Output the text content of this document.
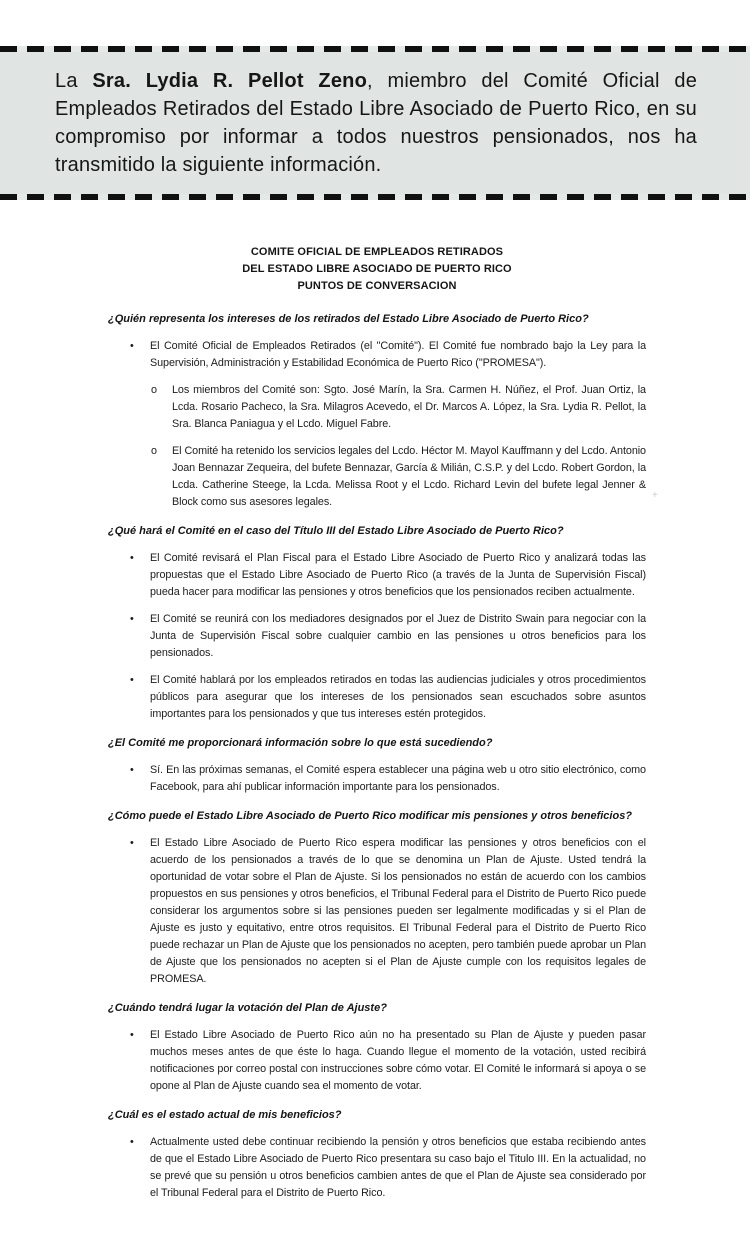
La Sra. Lydia R. Pellot Zeno, miembro del Comité Oficial de Empleados Retirados del Estado Libre Asociado de Puerto Rico, en su compromiso por informar a todos nuestros pensionados, nos ha transmitido la siguiente información.

COMITE OFICIAL DE EMPLEADOS RETIRADOS
DEL ESTADO LIBRE ASOCIADO DE PUERTO RICO
PUNTOS DE CONVERSACION

¿Quién representa los intereses de los retirados del Estado Libre Asociado de Puerto Rico?

• El Comité Oficial de Empleados Retirados (el "Comité"). El Comité fue nombrado bajo la Ley para la Supervisión, Administración y Estabilidad Económica de Puerto Rico ("PROMESA").
o Los miembros del Comité son: Sgto. José Marín, la Sra. Carmen H. Núñez, el Prof. Juan Ortiz, la Lcda. Rosario Pacheco, la Sra. Milagros Acevedo, el Dr. Marcos A. López, la Sra. Lydia R. Pellot, la Sra. Blanca Paniagua y el Lcdo. Miguel Fabre.
o El Comité ha retenido los servicios legales del Lcdo. Héctor M. Mayol Kauffmann y del Lcdo. Antonio Joan Bennazar Zequeira, del bufete Bennazar, García & Milián, C.S.P. y del Lcdo. Robert Gordon, la Lcda. Catherine Steege, la Lcda. Melissa Root y el Lcdo. Richard Levin del bufete legal Jenner & Block como sus asesores legales.

¿Qué hará el Comité en el caso del Título III del Estado Libre Asociado de Puerto Rico?

• El Comité revisará el Plan Fiscal para el Estado Libre Asociado de Puerto Rico y analizará todas las propuestas que el Estado Libre Asociado de Puerto Rico (a través de la Junta de Supervisión Fiscal) pueda hacer para modificar las pensiones y otros beneficios que los pensionados reciben actualmente.
• El Comité se reunirá con los mediadores designados por el Juez de Distrito Swain para negociar con la Junta de Supervisión Fiscal sobre cualquier cambio en las pensiones u otros beneficios para los pensionados.
• El Comité hablará por los empleados retirados en todas las audiencias judiciales y otros procedimientos públicos para asegurar que los intereses de los pensionados sean escuchados sobre asuntos importantes para los pensionados y que tus intereses estén protegidos.

¿El Comité me proporcionará información sobre lo que está sucediendo?

• Sí. En las próximas semanas, el Comité espera establecer una página web u otro sitio electrónico, como Facebook, para ahí publicar información importante para los pensionados.

¿Cómo puede el Estado Libre Asociado de Puerto Rico modificar mis pensiones y otros beneficios?

• El Estado Libre Asociado de Puerto Rico espera modificar las pensiones y otros beneficios con el acuerdo de los pensionados a través de lo que se denomina un Plan de Ajuste. Usted tendrá la oportunidad de votar sobre el Plan de Ajuste. Si los pensionados no están de acuerdo con los cambios propuestos en sus pensiones y otros beneficios, el Tribunal Federal para el Distrito de Puerto Rico puede considerar los argumentos sobre si las pensiones pueden ser legalmente modificadas y si el Plan de Ajuste es justo y equitativo, entre otros requisitos. El Tribunal Federal para el Distrito de Puerto Rico puede rechazar un Plan de Ajuste que los pensionados no acepten, pero también puede aprobar un Plan de Ajuste que los pensionados no acepten si el Plan de Ajuste cumple con los requisitos legales de PROMESA.

¿Cuándo tendrá lugar la votación del Plan de Ajuste?

• El Estado Libre Asociado de Puerto Rico aún no ha presentado su Plan de Ajuste y pueden pasar muchos meses antes de que éste lo haga. Cuando llegue el momento de la votación, usted recibirá notificaciones por correo postal con instrucciones sobre cómo votar. El Comité le informará si apoya o se opone al Plan de Ajuste cuando sea el momento de votar.

¿Cuál es el estado actual de mis beneficios?

• Actualmente usted debe continuar recibiendo la pensión y otros beneficios que estaba recibiendo antes de que el Estado Libre Asociado de Puerto Rico presentara su caso bajo el Titulo III. En la actualidad, no se prevé que su pensión u otros beneficios cambien antes de que el Plan de Ajuste sea considerado por el Tribunal Federal para el Distrito de Puerto Rico.
+
